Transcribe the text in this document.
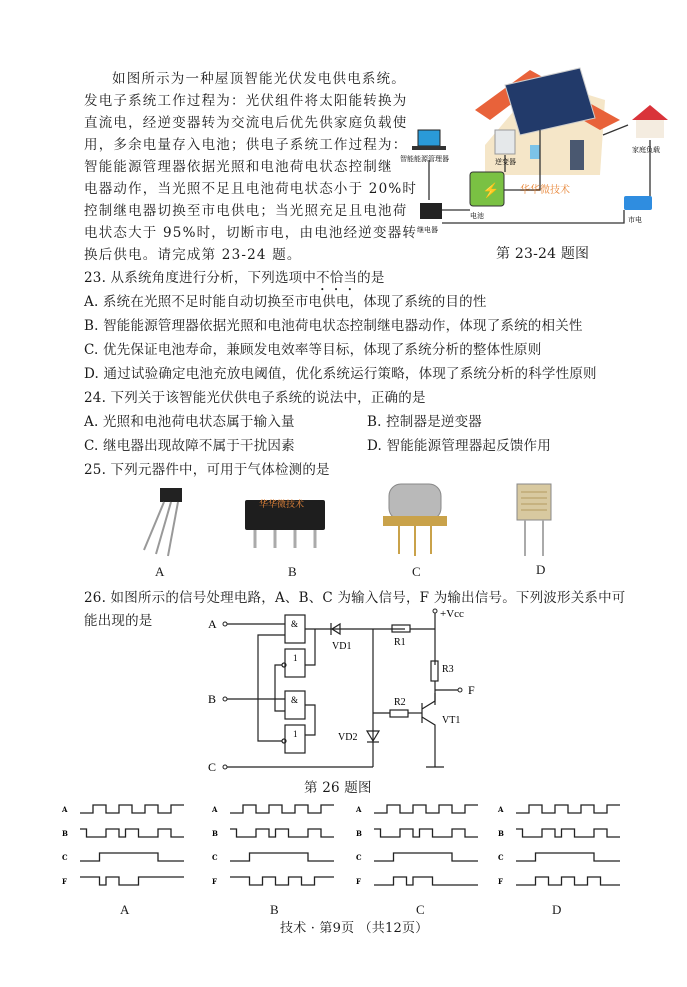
如图所示为一种屋顶智能光伏发电供电系统。
发电子系统工作过程为：光伏组件将太阳能转换为
直流电，经逆变器转为交流电后优先供家庭负载使
用，多余电量存入电池；供电子系统工作过程为：
智能能源管理器依据光照和电池荷电状态控制继
电器动作，当光照不足且电池荷电状态小于 20%时
控制继电器切换至市电供电；当光照充足且电池荷
电状态大于 95%时，切断市电，由电池经逆变器转
换后供电。请完成第 23-24 题。
⚡
智能能源管理器	逆变器
电池
继电器
家庭负载
市电
华华微技术
第 23-24 题图
23. 从系统角度进行分析，下列选项中不恰当的是
A. 系统在光照不足时能自动切换至市电供电，体现了系统的目的性
B. 智能能源管理器依据光照和电池荷电状态控制继电器动作，体现了系统的相关性
C. 优先保证电池寿命，兼顾发电效率等目标，体现了系统分析的整体性原则
D. 通过试验确定电池充放电阈值，优化系统运行策略，体现了系统分析的科学性原则
24. 下列关于该智能光伏供电子系统的说法中，正确的是
A. 光照和电池荷电状态属于输入量	B. 控制器是逆变器
C. 继电器出现故障不属于干扰因素	D. 智能能源管理器起反馈作用
25. 下列元器件中，可用于气体检测的是
华华微技术
A	B	C	D
26. 如图所示的信号处理电路，A、B、C 为输入信号，F 为输出信号。下列波形关系中可
能出现的是	A
B
C
F
+Vcc
VD1
VD2
R1
R2
R3
VT1
&
1
&
1
第 26 题图
A
B
C
F
A
B
C
F
A
B
C
F
A
B
C
F
A	B	C	D
技术 · 第9页 （共12页）
